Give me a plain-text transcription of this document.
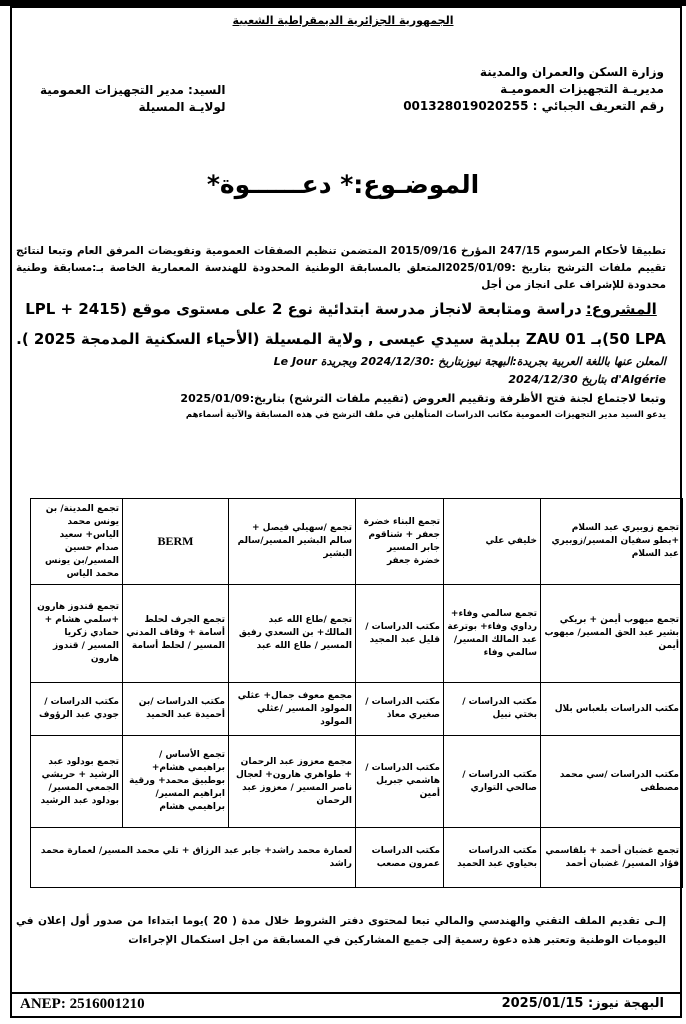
الجمهورية الجزائرية الديمقراطية الشعبية
وزارة السكن والعمران والمدينة
مديريـة التجهيزات العموميـة
رقم التعريف الجبائي : 001328019020255
السيد: مدير التجهيزات العمومية
لولايـة المسيلة
الموضـوع:* دعــــــوة*
تطبيقا لأحكام المرسوم 247/15 المؤرخ 2015/09/16 المتضمن تنظيم الصفقات العمومية وتفويضات المرفق العام وتبعا لنتائج تقييم ملفات الترشح بتاريخ :2025/01/09المتعلق بالمسابقة الوطنية المحدودة للهندسة المعمارية الخاصة بـ:مسابقة وطنية محدودة للإشراف على انجاز من أجل
المشروع:دراسة ومتابعة لانجاز مدرسة ابتدائية نوع 2 على مستوى موقع (2415 LPL + 50 LPA)بـ ZAU 01 ببلدية سيدي عيسى , ولاية المسيلة (الأحياء السكنية المدمجة 2025 ).
المعلن عنها باللغة العربية بجريدة:البهجة نيوزبتاريخ :2024/12/30 وبجريدة Le Jour
d'Algérie بتاريخ 2024/12/30
وتبعا لاجتماع لجنة فتح الأظرفة وتقييم العروض (تقييم ملفات الترشح) بتاريخ:2025/01/09
يدعو السيد مدير التجهيزات العمومية مكاتب الدراسات المتأهلين في ملف الترشح في هذه المسابقة والآتية أسماءهم
تجمع زوبيري عبد السلام +بطو سفيان المسير/زوبيري عبد السلام	خليفي علي	تجمع البناء خضرة جعفر + شناقوم جابر المسير خضرة جعفر	تجمع /سهيلي فيصل + سالم البشير المسير/سالم البشير	BERM	تجمع المدينة/ بن يونس محمد الياس+ سعيد صدام حسين المسير/بن يونس محمد الياس
تجمع ميهوب أيمن + بريكي بشير عبد الحق المسير/ ميهوب أيمن	تجمع سالمي وفاء+ رداوي وفاء+ بوترعة عبد المالك المسير/ سالمي وفاء	مكتب الدراسات /قليل عبد المجيد	تجمع /طاع الله عبد المالك+ بن السعدي رفيق المسير / طاع الله عبد	تجمع الجرف لحلط أسامة + وقاف المدني المسير / لحلط أسامة	تجمع قندوز هارون +سلمي هشام + حمادي زكريا المسير / قندوز هارون
مكتب الدراسات بلعباس بلال	مكتب الدراسات /بختي نبيل	مكتب الدراسات /صغيري معاذ	مجمع معوف جمال+ عثلي المولود المسير /عثلي المولود	مكتب الدراسات /بن أحميدة عبد الحميد	مكتب الدراسات /جودي عبد الرؤوف
مكتب الدراسات /سي محمد مصطفى	مكتب الدراسات / صالحي التواري	مكتب الدراسات /هاشمي جبريل أمين	مجمع معزوز عبد الرحمان + طواهري هارون+ لعجال ناصر المسير / معزوز عبد الرحمان	تجمع الأساس /براهيمي هشام+ بوطبيق محمد+ ورقية ابراهيم المسير/ براهيمي هشام	تجمع بودلود عبد الرشيد + حريشي الجمعي المسير/ بودلود عبد الرشيد
تجمع غضبان أحمد + بلقاسمي فؤاد المسير/ غضبان أحمد	مكتب الدراسات بحياوي عبد الحميد	مكتب الدراسات عمرون مصعب	لعمارة محمد راشد+ جابر عبد الرزاق + تلي محمد المسير/ لعمارة محمد راشد		
إلـى تقديم الملف التقني والهندسي والمالي تبعا لمحتوى دفتر الشروط خلال مدة ( 20 )يوما ابتداءا من صدور أول إعلان في اليوميات الوطنية وتعتبر هذه دعوة رسمية إلى جميع المشاركين في المسابقة من اجل استكمال الإجراءات
ANEP: 2516001210	البهجة نيوز: 2025/01/15
